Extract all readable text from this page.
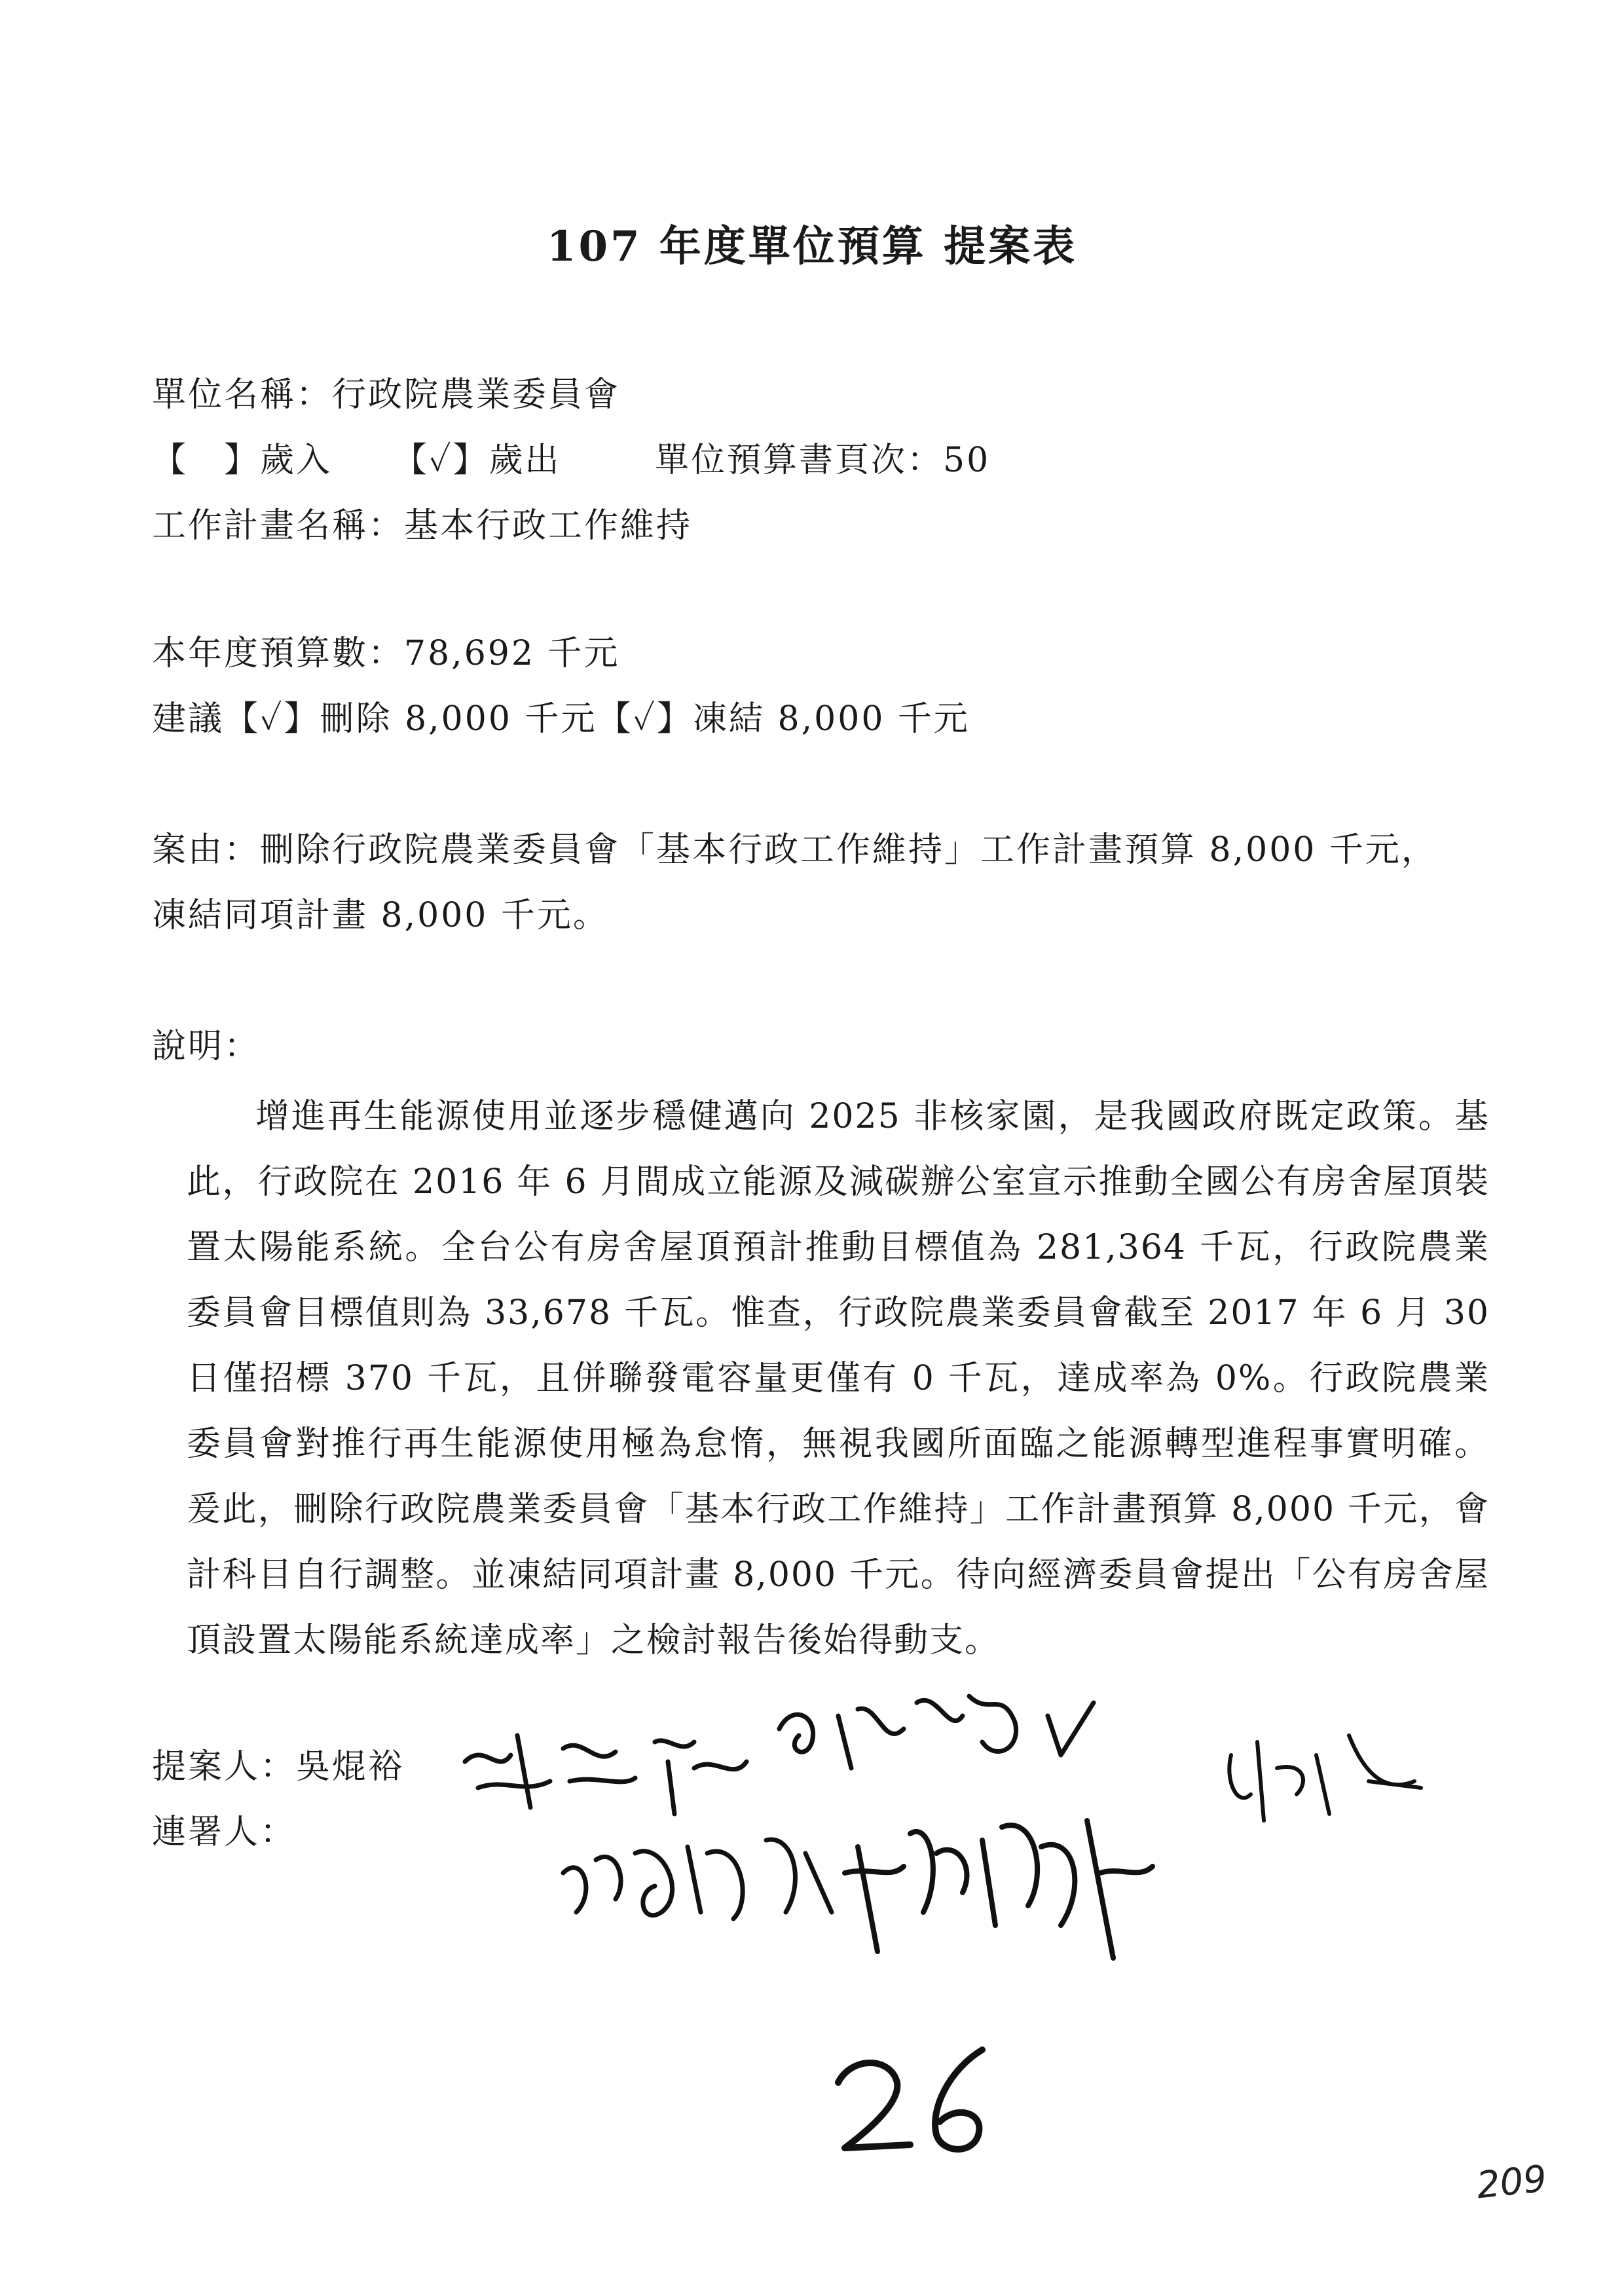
107 年度單位預算 提案表
單位名稱：行政院農業委員會
【　】歲入 【✓】歲出	單位預算書頁次：50
工作計畫名稱：基本行政工作維持
本年度預算數：78,692 千元
建議【✓】刪除 8,000 千元【✓】凍結 8,000 千元
案由：刪除行政院農業委員會「基本行政工作維持」工作計畫預算 8,000 千元，
凍結同項計畫 8,000 千元。
說明：
增進再生能源使用並逐步穩健邁向 2025 非核家園，是我國政府既定政策。基此，行政院在 2016 年 6 月間成立能源及減碳辦公室宣示推動全國公有房舍屋頂裝置太陽能系統。全台公有房舍屋頂預計推動目標值為 281,364 千瓦，行政院農業委員會目標值則為 33,678 千瓦。惟查，行政院農業委員會截至 2017 年 6 月 30 日僅招標 370 千瓦，且併聯發電容量更僅有 0 千瓦，達成率為 0%。行政院農業委員會對推行再生能源使用極為怠惰，無視我國所面臨之能源轉型進程事實明確。爰此，刪除行政院農業委員會「基本行政工作維持」工作計畫預算 8,000 千元，會計科目自行調整。並凍結同項計畫 8,000 千元。待向經濟委員會提出「公有房舍屋頂設置太陽能系統達成率」之檢討報告後始得動支。
提案人：吳焜裕
連署人：
209
